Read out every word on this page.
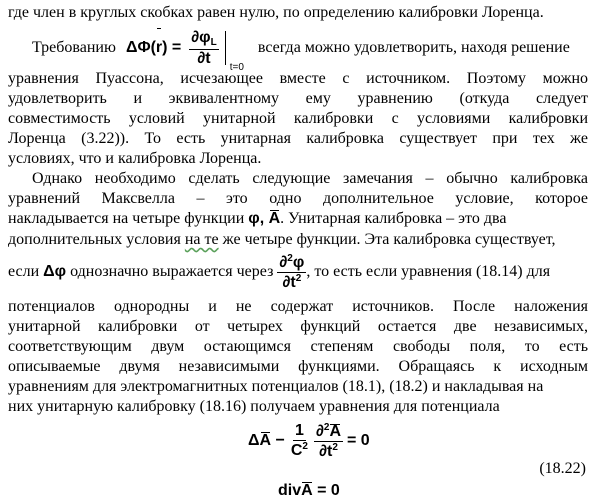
где член в круглых скобках равен нулю, по определению калибровки Лоренца.
Требованию $\Delta\Phi(r) = \frac{\partial\varphi_L}{\partial t}$
$_{t=0}$ всегда можно удовлетворить, находя решение
уравнения Пуассона, исчезающее вместе с источником. Поэтому можно
удовлетворить и эквивалентному ему уравнению (откуда следует
совместимость условий унитарной калибровки с условиями калибровки
Лоренца (3.22)). То есть унитарная калибровка существует при тех же
условиях, что и калибровка Лоренца.
Однако необходимо сделать следующие замечания – обычно калибровка
уравнений Максвелла – это одно дополнительное условие, которое
накладывается на четыре функции φ, A. Унитарная калибровка – это два
дополнительных условия на те же четыре функции. Эта калибровка существует,
если Δφ однозначно выражается через $\frac{\partial^2\varphi}{\partial t^2}$ , то есть если уравнения (18.14) для
потенциалов однородны и не содержат источников. После наложения
унитарной калибровки от четырех функций остается две независимых,
соответствующим двум остающимся степеням свободы поля, то есть
описываемые двумя независимыми функциями. Обращаясь к исходным
уравнениям для электромагнитных потенциалов (18.1), (18.2) и накладывая на
них унитарную калибровку (18.16) получаем уравнения для потенциала
$\Delta A - \frac{1}{C^2} \frac{\partial^2A}{\partial t^2} = 0$
(18.22)
divA = 0
